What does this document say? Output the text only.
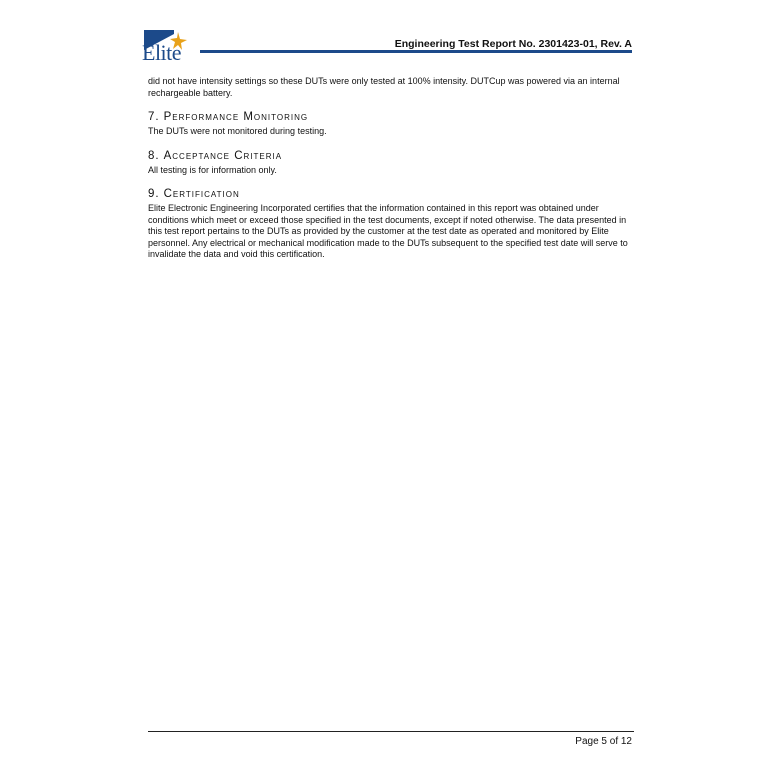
Elite	Engineering Test Report No. 2301423-01, Rev. A

did not have intensity settings so these DUTs were only tested at 100% intensity. DUTCup was powered via an internal rechargeable battery.

7. Performance Monitoring

The DUTs were not monitored during testing.

8. Acceptance Criteria

All testing is for information only.

9. Certification

Elite Electronic Engineering Incorporated certifies that the information contained in this report was obtained under conditions which meet or exceed those specified in the test documents, except if noted otherwise. The data presented in this test report pertains to the DUTs as provided by the customer at the test date as operated and monitored by Elite personnel. Any electrical or mechanical modification made to the DUTs subsequent to the specified test date will serve to invalidate the data and void this certification.

Page 5 of 12
